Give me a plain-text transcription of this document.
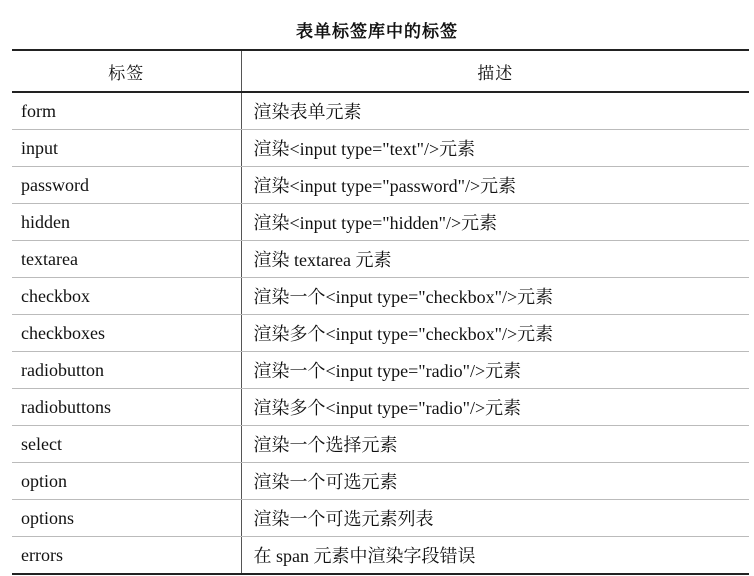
表单标签库中的标签
标签	描述
form	渲染表单元素
input	渲染<input type="text"/>元素
password	渲染<input type="password"/>元素
hidden	渲染<input type="hidden"/>元素
textarea	渲染 textarea 元素
checkbox	渲染一个<input type="checkbox"/>元素
checkboxes	渲染多个<input type="checkbox"/>元素
radiobutton	渲染一个<input type="radio"/>元素
radiobuttons	渲染多个<input type="radio"/>元素
select	渲染一个选择元素
option	渲染一个可选元素
options	渲染一个可选元素列表
errors	在 span 元素中渲染字段错误
